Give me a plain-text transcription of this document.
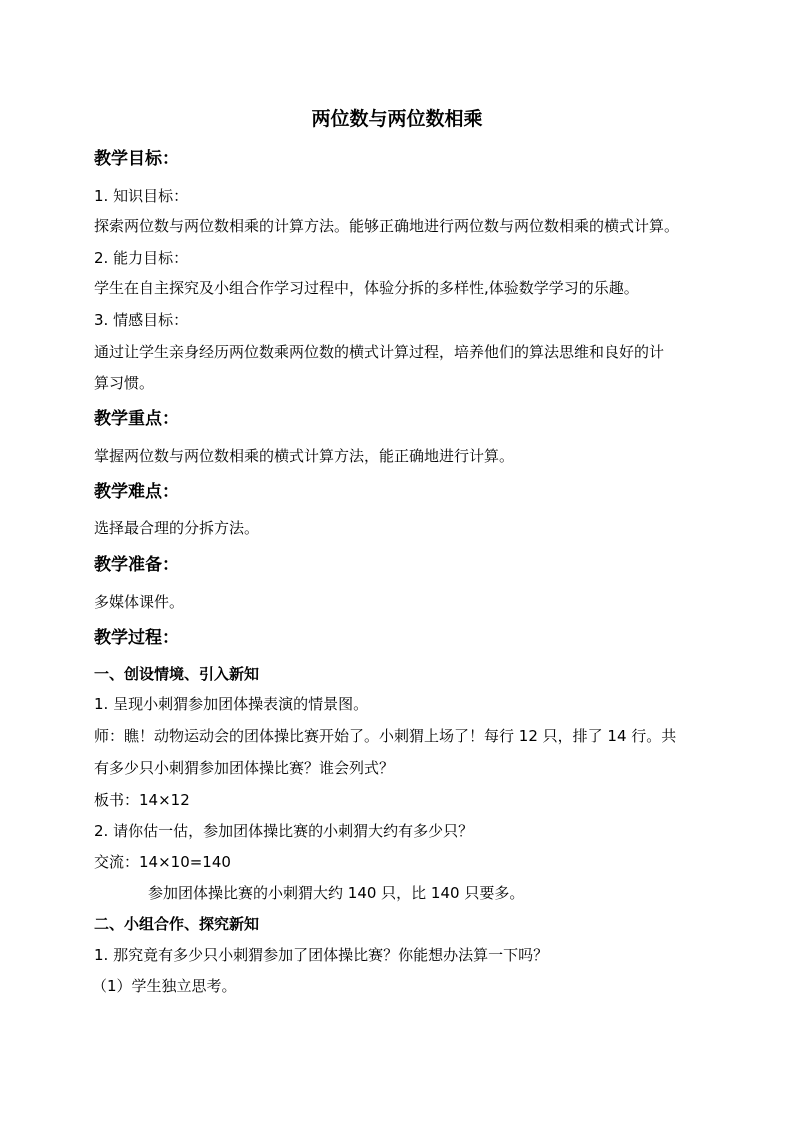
两位数与两位数相乘
教学目标：
1. 知识目标：
探索两位数与两位数相乘的计算方法。能够正确地进行两位数与两位数相乘的横式计算。
2. 能力目标：
学生在自主探究及小组合作学习过程中，体验分拆的多样性,体验数学学习的乐趣。
3. 情感目标：
通过让学生亲身经历两位数乘两位数的横式计算过程，培养他们的算法思维和良好的计
算习惯。
教学重点：
掌握两位数与两位数相乘的横式计算方法，能正确地进行计算。
教学难点：
选择最合理的分拆方法。
教学准备：
多媒体课件。
教学过程：
一、创设情境、引入新知
1. 呈现小刺猬参加团体操表演的情景图。
师：瞧！动物运动会的团体操比赛开始了。小刺猬上场了！每行 12 只，排了 14 行。共
有多少只小刺猬参加团体操比赛？谁会列式？
板书：14×12
2. 请你估一估，参加团体操比赛的小刺猬大约有多少只？
交流：14×10=140
参加团体操比赛的小刺猬大约 140 只，比 140 只要多。
二、小组合作、探究新知
1. 那究竟有多少只小刺猬参加了团体操比赛？你能想办法算一下吗？
（1）学生独立思考。
